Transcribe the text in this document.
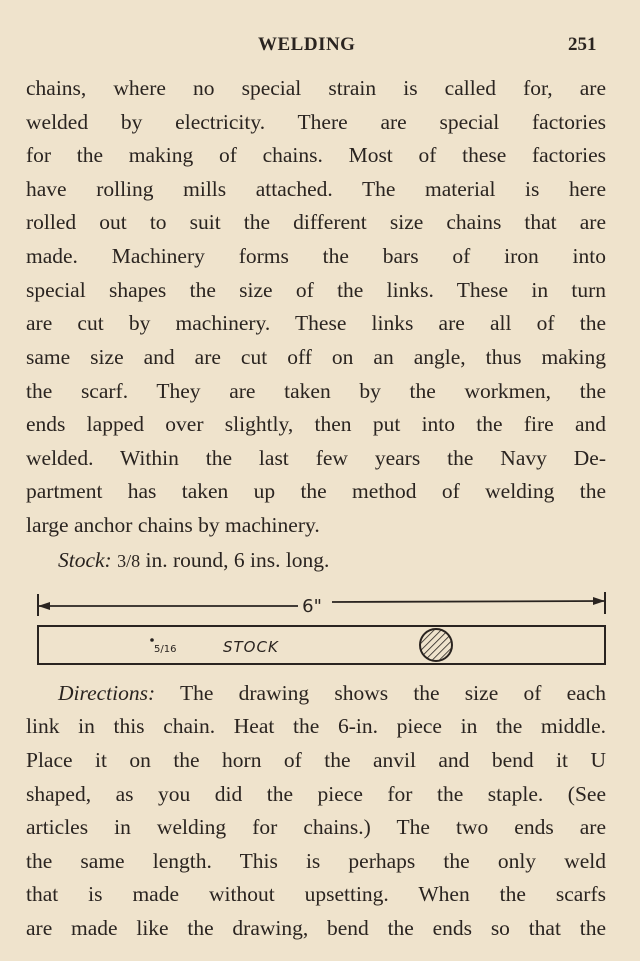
WELDING	251
chains, where no special strain is called for, are
welded by electricity. There are special factories
for the making of chains. Most of these factories
have rolling mills attached. The material is here
rolled out to suit the different size chains that are
made. Machinery forms the bars of iron into
special shapes the size of the links. These in turn
are cut by machinery. These links are all of the
same size and are cut off on an angle, thus making
the scarf. They are taken by the workmen, the
ends lapped over slightly, then put into the fire and
welded. Within the last few years the Navy De-
partment has taken up the method of welding the
large anchor chains by machinery.
Stock: 3/8 in. round, 6 ins. long.
6"
5/16	STOCK
Directions: The drawing shows the size of each
link in this chain. Heat the 6-in. piece in the middle.
Place it on the horn of the anvil and bend it U
shaped, as you did the piece for the staple. (See
articles in welding for chains.) The two ends are
the same length. This is perhaps the only weld
that is made without upsetting. When the scarfs
are made like the drawing, bend the ends so that the
